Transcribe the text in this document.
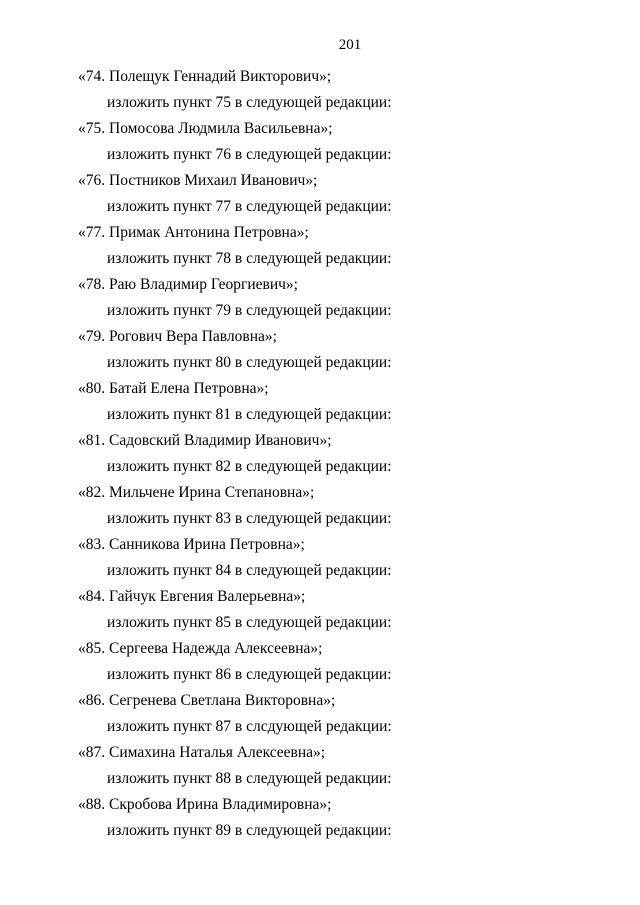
201
«74. Полещук Геннадий Викторович»;
изложить пункт 75 в следующей редакции:
«75. Помосова Людмила Васильевна»;
изложить пункт 76 в следующей редакции:
«76. Постников Михаил Иванович»;
изложить пункт 77 в следующей редакции:
«77. Примак Антонина Петровна»;
изложить пункт 78 в следующей редакции:
«78. Раю Владимир Георгиевич»;
изложить пункт 79 в следующей редакции:
«79. Рогович Вера Павловна»;
изложить пункт 80 в следующей редакции:
«80. Батай Елена Петровна»;
изложить пункт 81 в следующей редакции:
«81. Садовский Владимир Иванович»;
изложить пункт 82 в следующей редакции:
«82. Мильчене Ирина Степановна»;
изложить пункт 83 в следующей редакции:
«83. Санникова Ирина Петровна»;
изложить пункт 84 в следующей редакции:
«84. Гайчук Евгения Валерьевна»;
изложить пункт 85 в следующей редакции:
«85. Сергеева Надежда Алексеевна»;
изложить пункт 86 в следующей редакции:
«86. Сегренева Светлана Викторовна»;
изложить пункт 87 в слсдующей редакции:
«87. Симахина Наталья Алексеевна»;
изложить пункт 88 в следующей редакции:
«88. Скробова Ирина Владимировна»;
изложить пункт 89 в следующей редакции:
